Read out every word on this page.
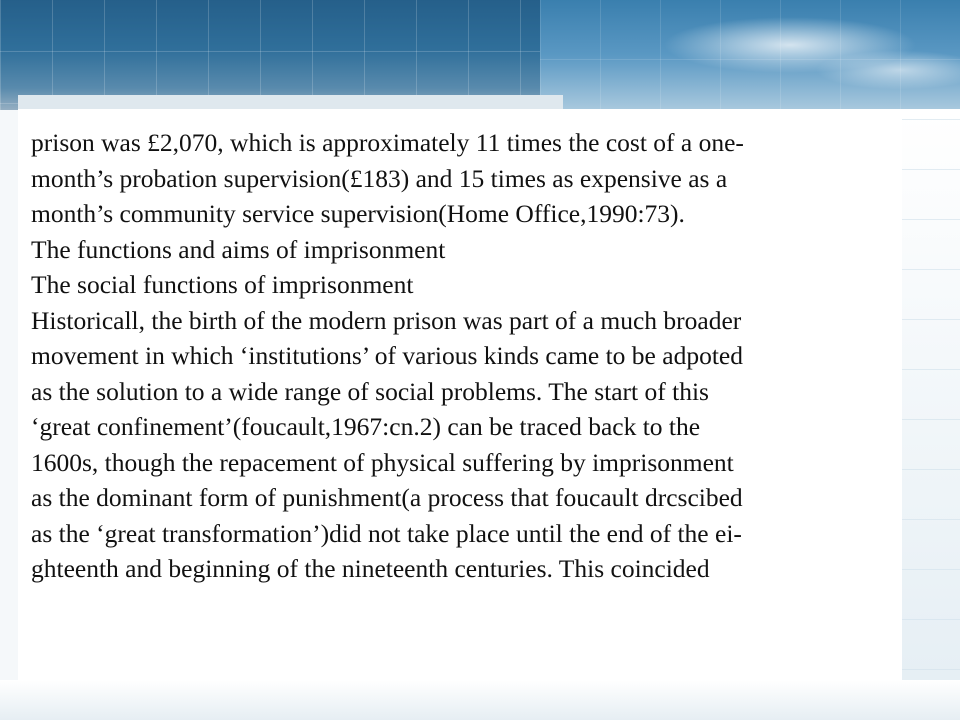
prison was £2,070, which is approximately 11 times the cost of a one-
month’s probation supervision(£183) and 15 times as expensive as a
month’s community service supervision(Home Office,1990:73).
The functions and aims of imprisonment
The social functions of imprisonment
Historicall, the birth of the modern prison was part of a much broader
movement in which ‘institutions’ of various kinds came to be adpoted
as the solution to a wide range of social problems. The start of this
‘great confinement’(foucault,1967:cn.2) can be traced back to the
1600s, though the repacement of physical suffering by imprisonment
as the dominant form of punishment(a process that foucault drcscibed
as the ‘great transformation’)did not take place until the end of the ei-
ghteenth and beginning of the nineteenth centuries. This coincided
